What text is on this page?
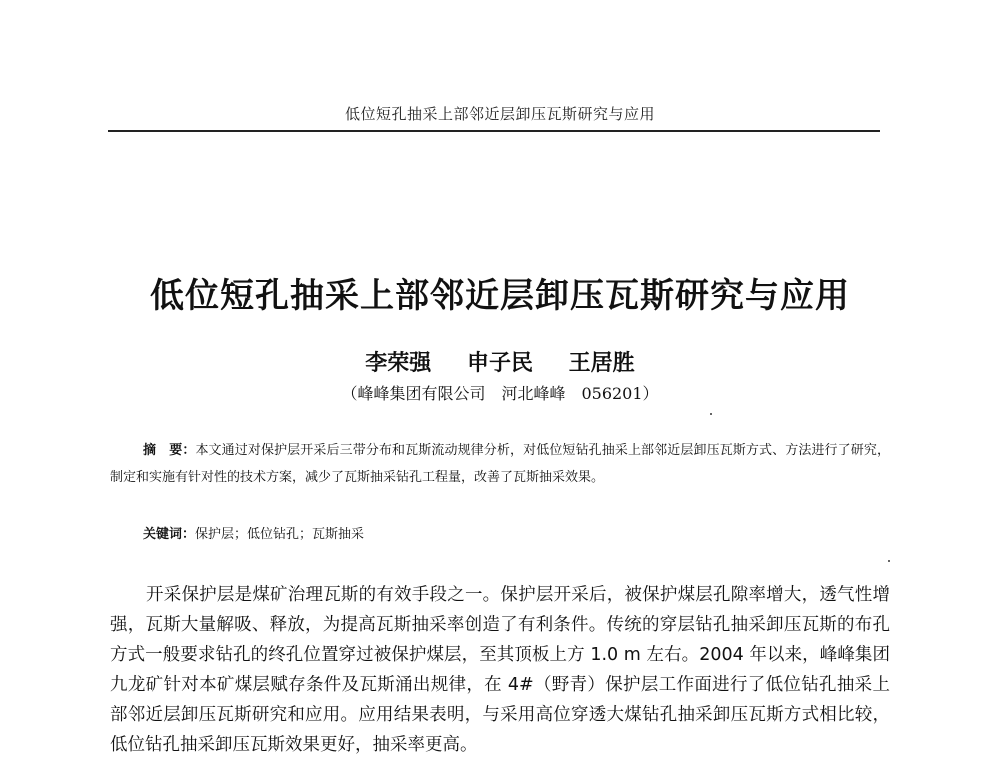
低位短孔抽采上部邻近层卸压瓦斯研究与应用
低位短孔抽采上部邻近层卸压瓦斯研究与应用
李荣强 申子民 王居胜
（峰峰集团有限公司　河北峰峰　056201）

摘　要：本文通过对保护层开采后三带分布和瓦斯流动规律分析，对低位短钻孔抽采上部邻近层卸压瓦斯方式、方法进行了研究，制定和实施有针对性的技术方案，减少了瓦斯抽采钻孔工程量，改善了瓦斯抽采效果。

关键词：保护层；低位钻孔；瓦斯抽采
开采保护层是煤矿治理瓦斯的有效手段之一。保护层开采后，被保护煤层孔隙率增大，透气性增强，瓦斯大量解吸、释放，为提高瓦斯抽采率创造了有利条件。传统的穿层钻孔抽采卸压瓦斯的布孔方式一般要求钻孔的终孔位置穿过被保护煤层，至其顶板上方 1.0 m 左右。2004 年以来，峰峰集团九龙矿针对本矿煤层赋存条件及瓦斯涌出规律，在 4#（野青）保护层工作面进行了低位钻孔抽采上部邻近层卸压瓦斯研究和应用。应用结果表明，与采用高位穿透大煤钻孔抽采卸压瓦斯方式相比较，低位钻孔抽采卸压瓦斯效果更好，抽采率更高。
